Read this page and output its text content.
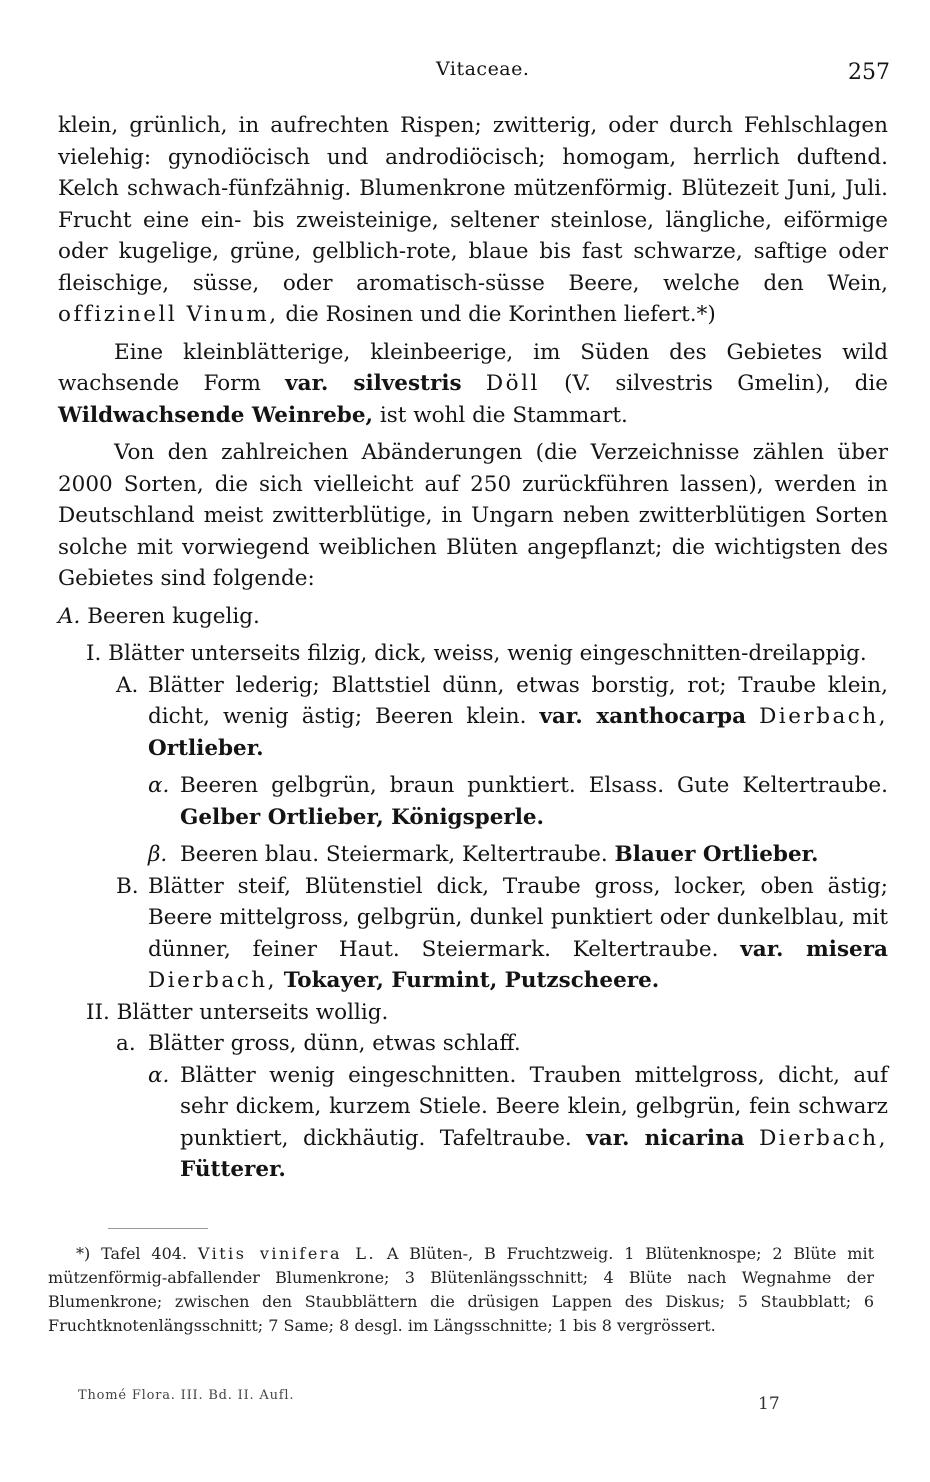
Vitaceae.	257

klein, grünlich, in aufrechten Rispen; zwitterig, oder durch Fehlschlagen vielehig: gynodiöcisch und androdiöcisch; homogam, herrlich duftend. Kelch schwach-fünfzähnig. Blumenkrone mützenförmig. Blütezeit Juni, Juli. Frucht eine ein- bis zweisteinige, seltener steinlose, längliche, eiförmige oder kugelige, grüne, gelblich-rote, blaue bis fast schwarze, saftige oder fleischige, süsse, oder aromatisch-süsse Beere, welche den Wein, offizinell Vinum, die Rosinen und die Korinthen liefert.*)

Eine kleinblätterige, kleinbeerige, im Süden des Gebietes wild wachsende Form var. silvestris Döll (V. silvestris Gmelin), die Wildwachsende Weinrebe, ist wohl die Stammart.

Von den zahlreichen Abänderungen (die Verzeichnisse zählen über 2000 Sorten, die sich vielleicht auf 250 zurückführen lassen), werden in Deutschland meist zwitterblütige, in Ungarn neben zwitterblütigen Sorten solche mit vorwiegend weiblichen Blüten angepflanzt; die wichtigsten des Gebietes sind folgende:

A. Beeren kugelig.

I. Blätter unterseits filzig, dick, weiss, wenig eingeschnitten-dreilappig.

A. Blätter lederig; Blattstiel dünn, etwas borstig, rot; Traube klein, dicht, wenig ästig; Beeren klein. var. xanthocarpa Dierbach, Ortlieber.

α. Beeren gelbgrün, braun punktiert. Elsass. Gute Keltertraube. Gelber Ortlieber, Königsperle.

β. Beeren blau. Steiermark, Keltertraube. Blauer Ortlieber.

B. Blätter steif, Blütenstiel dick, Traube gross, locker, oben ästig; Beere mittelgross, gelbgrün, dunkel punktiert oder dunkelblau, mit dünner, feiner Haut. Steiermark. Keltertraube. var. misera Dierbach, Tokayer, Furmint, Putzscheere.

II. Blätter unterseits wollig.

a. Blätter gross, dünn, etwas schlaff.

α. Blätter wenig eingeschnitten. Trauben mittelgross, dicht, auf sehr dickem, kurzem Stiele. Beere klein, gelbgrün, fein schwarz punktiert, dickhäutig. Tafeltraube. var. nicarina Dierbach, Fütterer.

*) Tafel 404. Vitis vinifera L. A Blüten-, B Fruchtzweig. 1 Blütenknospe; 2 Blüte mit mützenförmig-abfallender Blumenkrone; 3 Blütenlängsschnitt; 4 Blüte nach Wegnahme der Blumenkrone; zwischen den Staubblättern die drüsigen Lappen des Diskus; 5 Staubblatt; 6 Fruchtknotenlängsschnitt; 7 Same; 8 desgl. im Längsschnitte; 1 bis 8 vergrössert.

Thomé Flora. III. Bd. II. Aufl.	17
